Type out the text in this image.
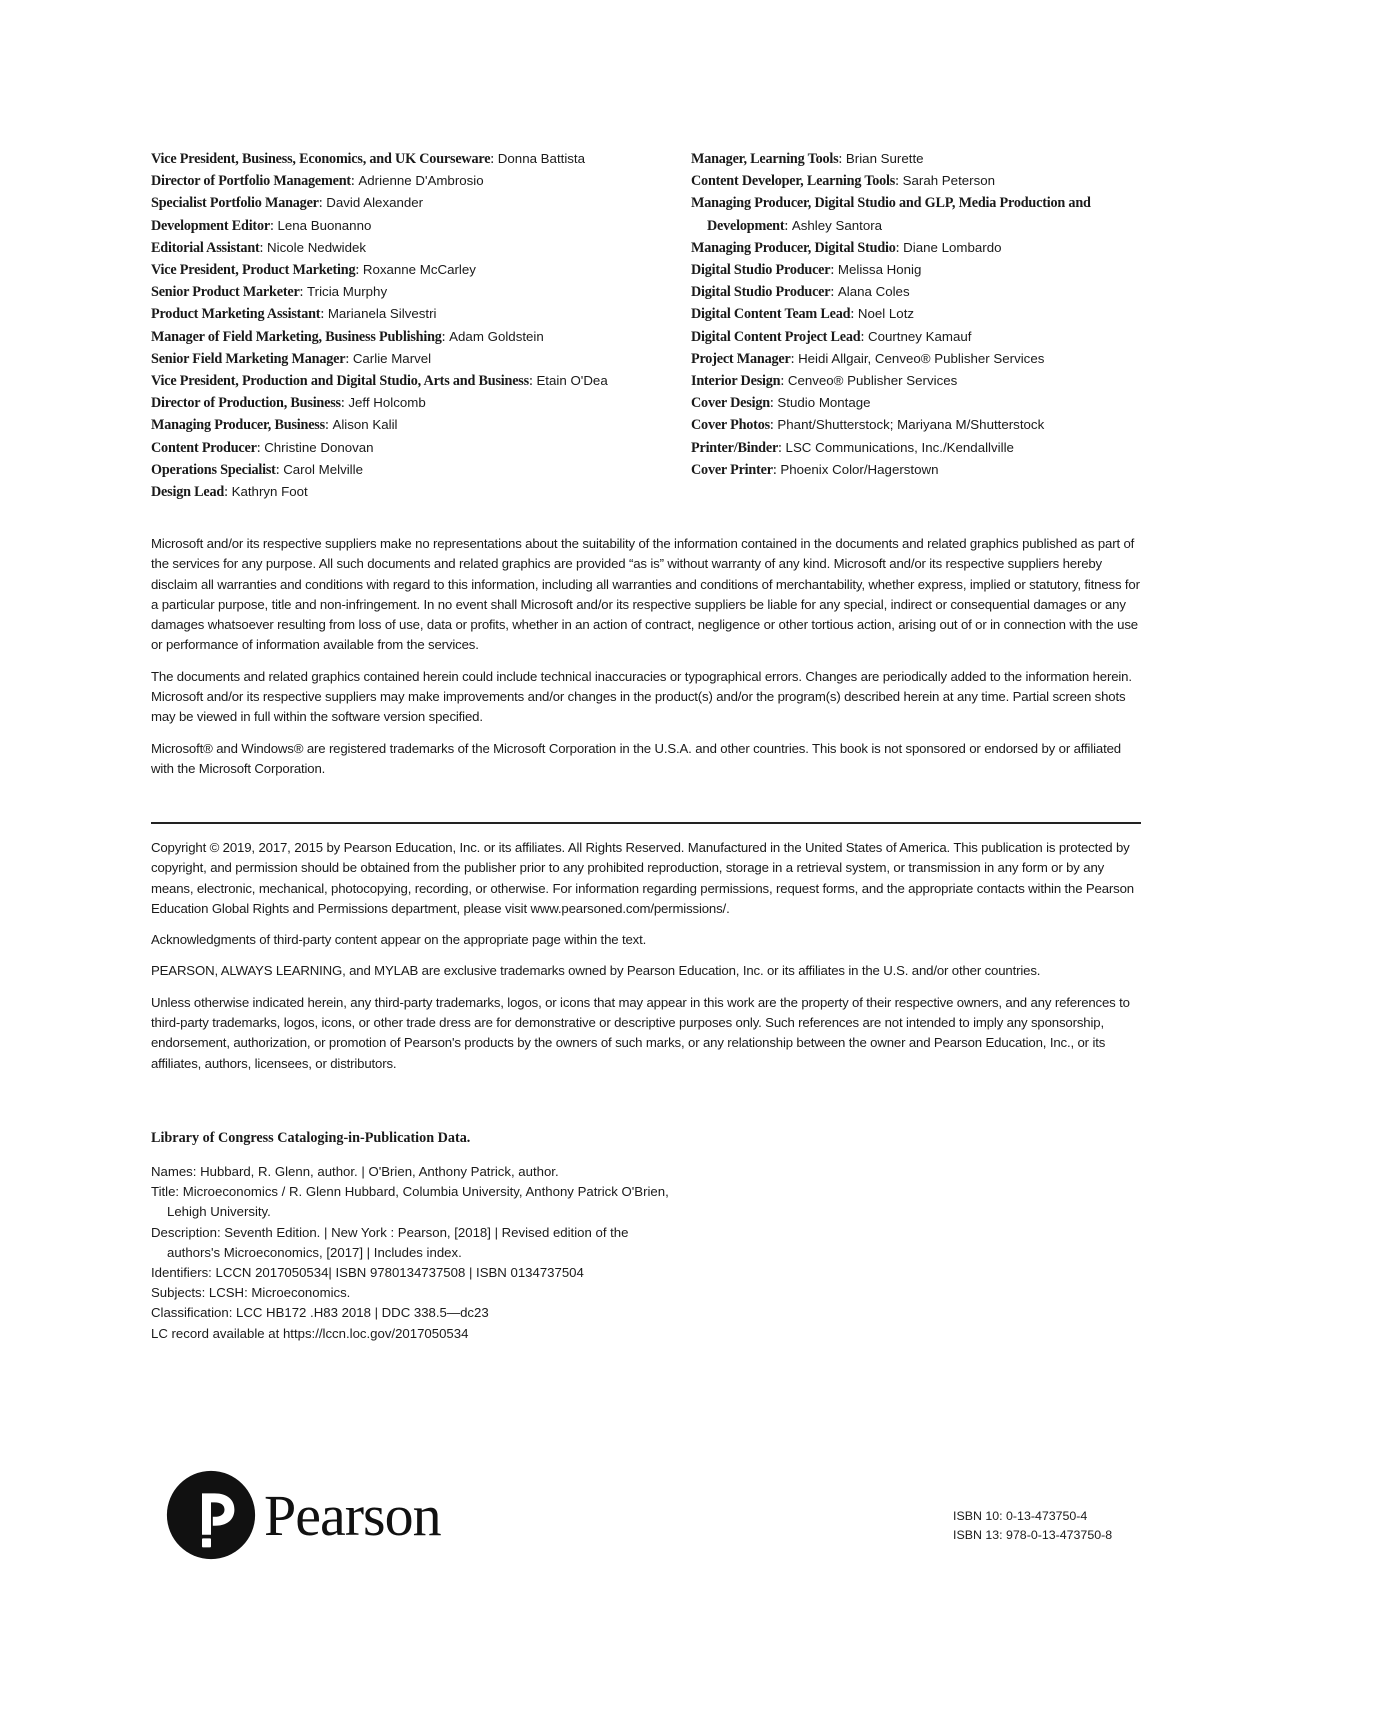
Vice President, Business, Economics, and UK Courseware: Donna Battista
Director of Portfolio Management: Adrienne D'Ambrosio
Specialist Portfolio Manager: David Alexander
Development Editor: Lena Buonanno
Editorial Assistant: Nicole Nedwidek
Vice President, Product Marketing: Roxanne McCarley
Senior Product Marketer: Tricia Murphy
Product Marketing Assistant: Marianela Silvestri
Manager of Field Marketing, Business Publishing: Adam Goldstein
Senior Field Marketing Manager: Carlie Marvel
Vice President, Production and Digital Studio, Arts and Business: Etain O'Dea
Director of Production, Business: Jeff Holcomb
Managing Producer, Business: Alison Kalil
Content Producer: Christine Donovan
Operations Specialist: Carol Melville
Design Lead: Kathryn Foot
Manager, Learning Tools: Brian Surette
Content Developer, Learning Tools: Sarah Peterson
Managing Producer, Digital Studio and GLP, Media Production and Development: Ashley Santora
Managing Producer, Digital Studio: Diane Lombardo
Digital Studio Producer: Melissa Honig
Digital Studio Producer: Alana Coles
Digital Content Team Lead: Noel Lotz
Digital Content Project Lead: Courtney Kamauf
Project Manager: Heidi Allgair, Cenveo® Publisher Services
Interior Design: Cenveo® Publisher Services
Cover Design: Studio Montage
Cover Photos: Phant/Shutterstock; Mariyana M/Shutterstock
Printer/Binder: LSC Communications, Inc./Kendallville
Cover Printer: Phoenix Color/Hagerstown

Microsoft and/or its respective suppliers make no representations about the suitability of the information contained in the documents and related graphics published as part of the services for any purpose. All such documents and related graphics are provided “as is” without warranty of any kind. Microsoft and/or its respective suppliers hereby disclaim all warranties and conditions with regard to this information, including all warranties and conditions of merchantability, whether express, implied or statutory, fitness for a particular purpose, title and non-infringement. In no event shall Microsoft and/or its respective suppliers be liable for any special, indirect or consequential damages or any damages whatsoever resulting from loss of use, data or profits, whether in an action of contract, negligence or other tortious action, arising out of or in connection with the use or performance of information available from the services.

The documents and related graphics contained herein could include technical inaccuracies or typographical errors. Changes are periodically added to the information herein. Microsoft and/or its respective suppliers may make improvements and/or changes in the product(s) and/or the program(s) described herein at any time. Partial screen shots may be viewed in full within the software version specified.

Microsoft® and Windows® are registered trademarks of the Microsoft Corporation in the U.S.A. and other countries. This book is not sponsored or endorsed by or affiliated with the Microsoft Corporation.

Copyright © 2019, 2017, 2015 by Pearson Education, Inc. or its affiliates. All Rights Reserved. Manufactured in the United States of America. This publication is protected by copyright, and permission should be obtained from the publisher prior to any prohibited reproduction, storage in a retrieval system, or transmission in any form or by any means, electronic, mechanical, photocopying, recording, or otherwise. For information regarding permissions, request forms, and the appropriate contacts within the Pearson Education Global Rights and Permissions department, please visit www.pearsoned.com/permissions/.

Acknowledgments of third-party content appear on the appropriate page within the text.

PEARSON, ALWAYS LEARNING, and MYLAB are exclusive trademarks owned by Pearson Education, Inc. or its affiliates in the U.S. and/or other countries.

Unless otherwise indicated herein, any third-party trademarks, logos, or icons that may appear in this work are the property of their respective owners, and any references to third-party trademarks, logos, icons, or other trade dress are for demonstrative or descriptive purposes only. Such references are not intended to imply any sponsorship, endorsement, authorization, or promotion of Pearson's products by the owners of such marks, or any relationship between the owner and Pearson Education, Inc., or its affiliates, authors, licensees, or distributors.

Library of Congress Cataloging-in-Publication Data.
Names: Hubbard, R. Glenn, author. | O'Brien, Anthony Patrick, author.
Title: Microeconomics / R. Glenn Hubbard, Columbia University, Anthony Patrick O'Brien, Lehigh University.
Description: Seventh Edition. | New York : Pearson, [2018] | Revised edition of the authors's Microeconomics, [2017] | Includes index.
Identifiers: LCCN 2017050534| ISBN 9780134737508 | ISBN 0134737504
Subjects: LCSH: Microeconomics.
Classification: LCC HB172 .H83 2018 | DDC 338.5—dc23
LC record available at https://lccn.loc.gov/2017050534
Pearson	ISBN 10: 0-13-473750-4
ISBN 13: 978-0-13-473750-8
